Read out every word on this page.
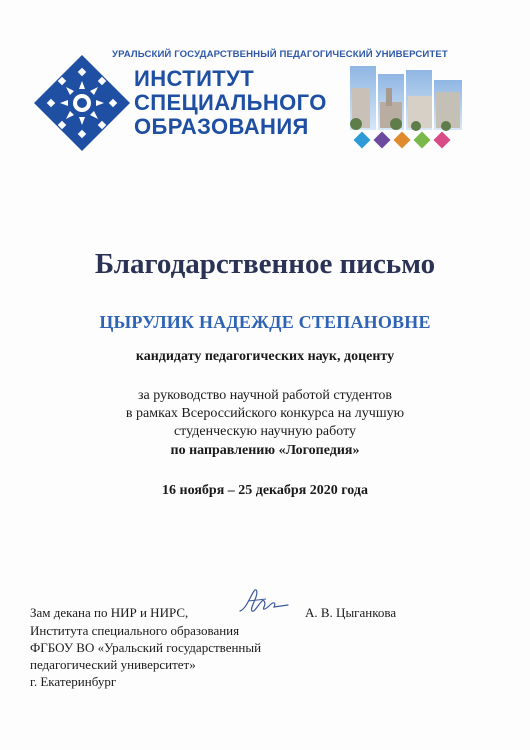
УРАЛЬСКИЙ ГОСУДАРСТВЕННЫЙ ПЕДАГОГИЧЕСКИЙ УНИВЕРСИТЕТ
ИНСТИТУТ
СПЕЦИАЛЬНОГО
ОБРАЗОВАНИЯ
Благодарственное письмо
ЦЫРУЛИК НАДЕЖДЕ СТЕПАНОВНЕ
кандидату педагогических наук, доценту
за руководство научной работой студентов
в рамках Всероссийского конкурса на лучшую
студенческую научную работу
по направлению «Логопедия»
16 ноября – 25 декабря 2020 года
Зам декана по НИР и НИРС,
Института специального образования
ФГБОУ ВО «Уральский государственный
педагогический университет»
г. Екатеринбург
А. В. Цыганкова
